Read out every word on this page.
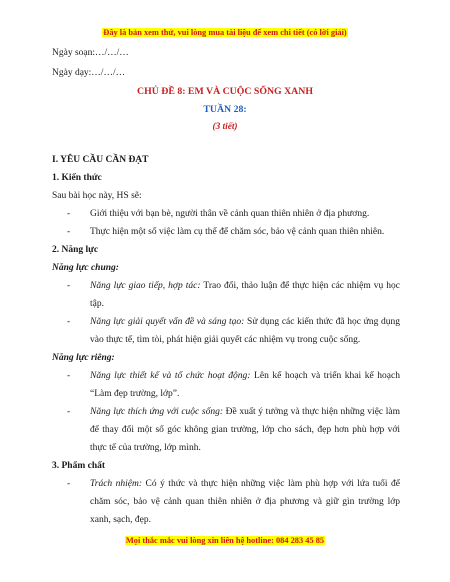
Đây là bản xem thử, vui lòng mua tài liệu để xem chi tiết (có lời giải)
Ngày soạn:…/…/…
Ngày dạy:…/…/…
CHỦ ĐỀ 8: EM VÀ CUỘC SỐNG XANH
TUẦN 28:
(3 tiết)
I. YÊU CẦU CẦN ĐẠT
1. Kiến thức
Sau bài học này, HS sẽ:
- Giới thiệu với bạn bè, người thân về cảnh quan thiên nhiên ở địa phương.
- Thực hiện một số việc làm cụ thể để chăm sóc, bảo vệ cảnh quan thiên nhiên.
2. Năng lực
Năng lực chung:
- Năng lực giao tiếp, hợp tác: Trao đổi, thảo luận để thực hiện các nhiệm vụ học tập.
- Năng lực giải quyết vấn đề và sáng tạo: Sử dụng các kiến thức đã học ứng dụng vào thực tế, tìm tòi, phát hiện giải quyết các nhiệm vụ trong cuộc sống.
Năng lực riêng:
- Năng lực thiết kế và tổ chức hoạt động: Lên kế hoạch và triển khai kế hoạch “Làm đẹp trường, lớp”.
- Năng lực thích ứng với cuộc sống: Đề xuất ý tưởng và thực hiện những việc làm để thay đổi một số góc không gian trường, lớp cho sách, đẹp hơn phù hợp với thực tế của trường, lớp mình.
3. Phẩm chất
- Trách nhiệm: Có ý thức và thực hiện những việc làm phù hợp với lứa tuổi để chăm sóc, bảo vệ cảnh quan thiên nhiên ở địa phương và giữ gìn trường lớp xanh, sạch, đẹp.
Mọi thắc mắc vui lòng xin liên hệ hotline: 084 283 45 85
